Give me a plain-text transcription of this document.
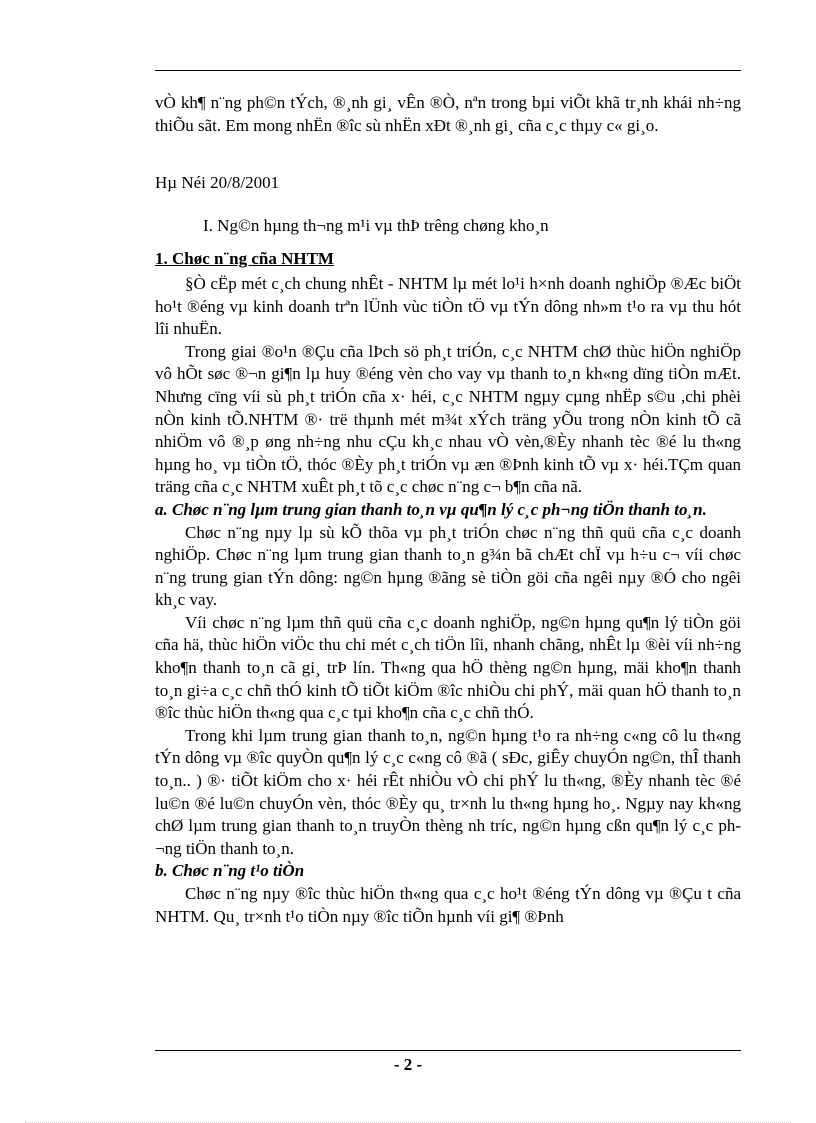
vÒ kh¶ n¨ng ph©n tÝch, ®¸nh gi¸ vÊn ®Ò, nªn trong bµi viÕt khã tr¸nh khái nh÷ng thiÕu sãt. Em mong nhËn ®îc sù nhËn xÐt ®¸nh gi¸ cña c¸c thµy c« gi¸o.

Hµ Néi 20/8/2001

I. Ng©n hµng th¬ng m¹i vµ thÞ trêng chøng kho¸n

1. Chøc n¨ng cña NHTM

§Ò cËp mét c¸ch chung nhÊt - NHTM lµ mét lo¹i h×nh doanh nghiÖp ®Æc biÖt ho¹t ®éng vµ kinh doanh trªn lÜnh vùc tiÒn tÖ vµ tÝn dông nh»m t¹o ra vµ thu hót lîi nhuËn.

Trong giai ®o¹n ®Çu cña lÞch sö ph¸t triÓn, c¸c NHTM chØ thùc hiÖn nghiÖp vô hÕt søc ®¬n gi¶n lµ huy ®éng vèn cho vay vµ thanh to¸n kh«ng dïng tiÒn mÆt. Nhưng cïng víi sù ph¸t triÓn cña x· héi, c¸c NHTM ngµy cµng nhËp s©u ,chi phèi nÒn kinh tÕ.NHTM ®· trë thµnh mét m¾t xÝch träng yÕu trong nÒn kinh tÕ cã nhiÖm vô ®¸p øng nh÷ng nhu cÇu kh¸c nhau vÒ vèn,®Èy nhanh tèc ®é lu th«ng hµng ho¸ vµ tiÒn tÖ, thóc ®Èy ph¸t triÓn vµ æn ®Þnh kinh tÕ vµ x· héi.TÇm quan träng cña c¸c NHTM xuÊt ph¸t tõ c¸c chøc n¨ng c¬ b¶n cña nã.

a. Chøc n¨ng lµm trung gian thanh to¸n vµ qu¶n lý c¸c ph¬ng tiÖn thanh to¸n.

Chøc n¨ng nµy lµ sù kÕ thõa vµ ph¸t triÓn chøc n¨ng thñ quü cña c¸c doanh nghiÖp. Chøc n¨ng lµm trung gian thanh to¸n g¾n bã chÆt chÏ vµ h÷u c¬ víi chøc n¨ng trung gian tÝn dông: ng©n hµng ®ãng sè tiÒn göi cña ngêi nµy ®Ó cho ngêi kh¸c vay.

Víi chøc n¨ng lµm thñ quü cña c¸c doanh nghiÖp, ng©n hµng qu¶n lý tiÒn göi cña hä, thùc hiÖn viÖc thu chi mét c¸ch tiÖn lîi, nhanh chãng, nhÊt lµ ®èi víi nh÷ng kho¶n thanh to¸n cã gi¸ trÞ lín. Th«ng qua hÖ thèng ng©n hµng, mäi kho¶n thanh to¸n gi÷a c¸c chñ thÓ kinh tÕ tiÕt kiÖm ®îc nhiÒu chi phÝ, mäi quan hÖ thanh to¸n ®îc thùc hiÖn th«ng qua c¸c tµi kho¶n cña c¸c chñ thÓ.

Trong khi lµm trung gian thanh to¸n, ng©n hµng t¹o ra nh÷ng c«ng cô lu th«ng tÝn dông vµ ®îc quyÒn qu¶n lý c¸c c«ng cô ®ã ( sÐc, giÊy chuyÓn ng©n, thÎ thanh to¸n.. ) ®· tiÕt kiÖm cho x· héi rÊt nhiÒu vÒ chi phÝ lu th«ng, ®Èy nhanh tèc ®é lu©n ®é lu©n chuyÓn vèn, thóc ®Èy qu¸ tr×nh lu th«ng hµng ho¸. Ngµy nay kh«ng chØ lµm trung gian thanh to¸n truyÒn thèng nh tríc, ng©n hµng cßn qu¶n lý c¸c ph¬ng tiÖn thanh to¸n.

b. Chøc n¨ng t¹o tiÒn

Chøc n¨ng nµy ®îc thùc hiÖn th«ng qua c¸c ho¹t ®éng tÝn dông vµ ®Çu t cña NHTM. Qu¸ tr×nh t¹o tiÒn nµy ®îc tiÕn hµnh víi gi¶ ®Þnh

- 2 -
